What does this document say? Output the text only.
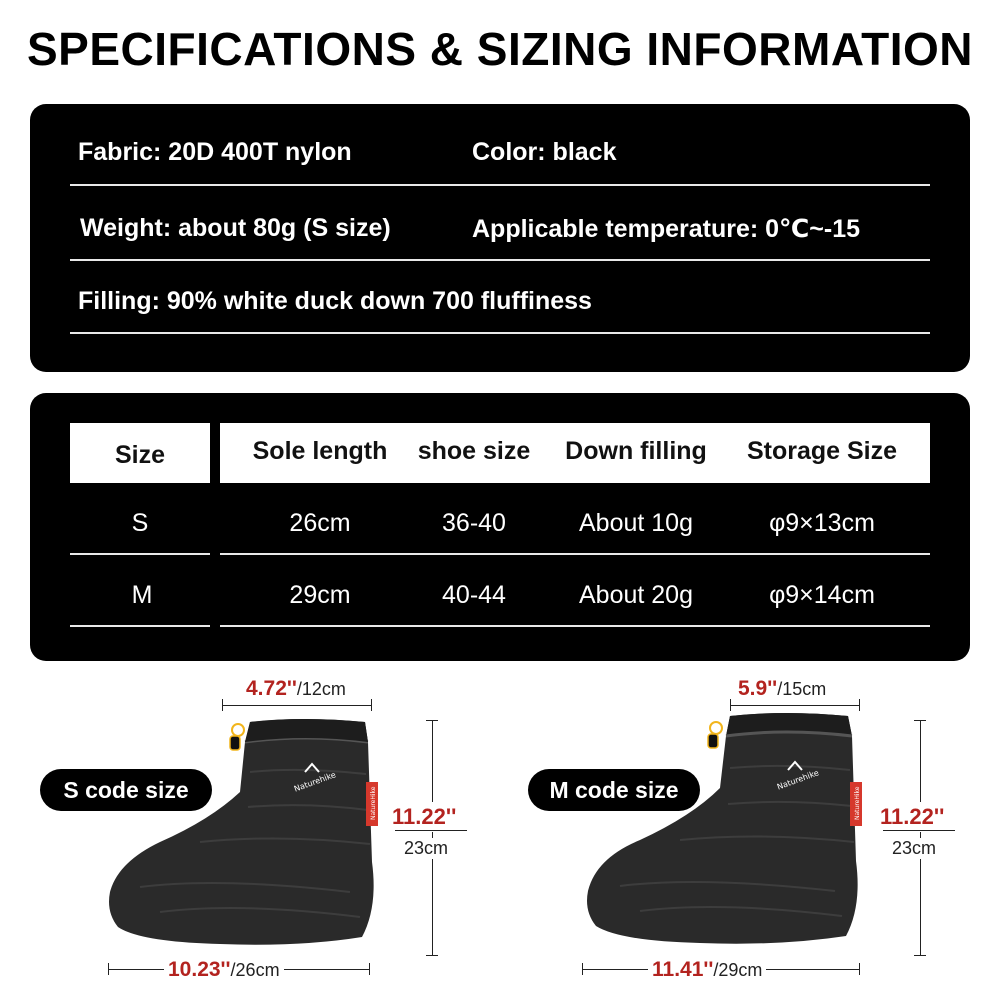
SPECIFICATIONS & SIZING INFORMATION
Fabric: 20D 400T nylon	Color: black
Weight: about 80g (S size)	Applicable temperature: 0℃~-15
Filling: 90% white duck down 700 fluffiness
Size	Sole length	shoe size	Down filling	Storage Size
S	26cm	36-40	About 10g	φ9×13cm
M	29cm	40-44	About 20g	φ9×14cm
4.72''/12cm
Naturehike
NatureHike
S code size
11.22''
23cm
10.23''/26cm
5.9''/15cm
Naturehike
NatureHike
M code size
11.22''
23cm
11.41''/29cm
